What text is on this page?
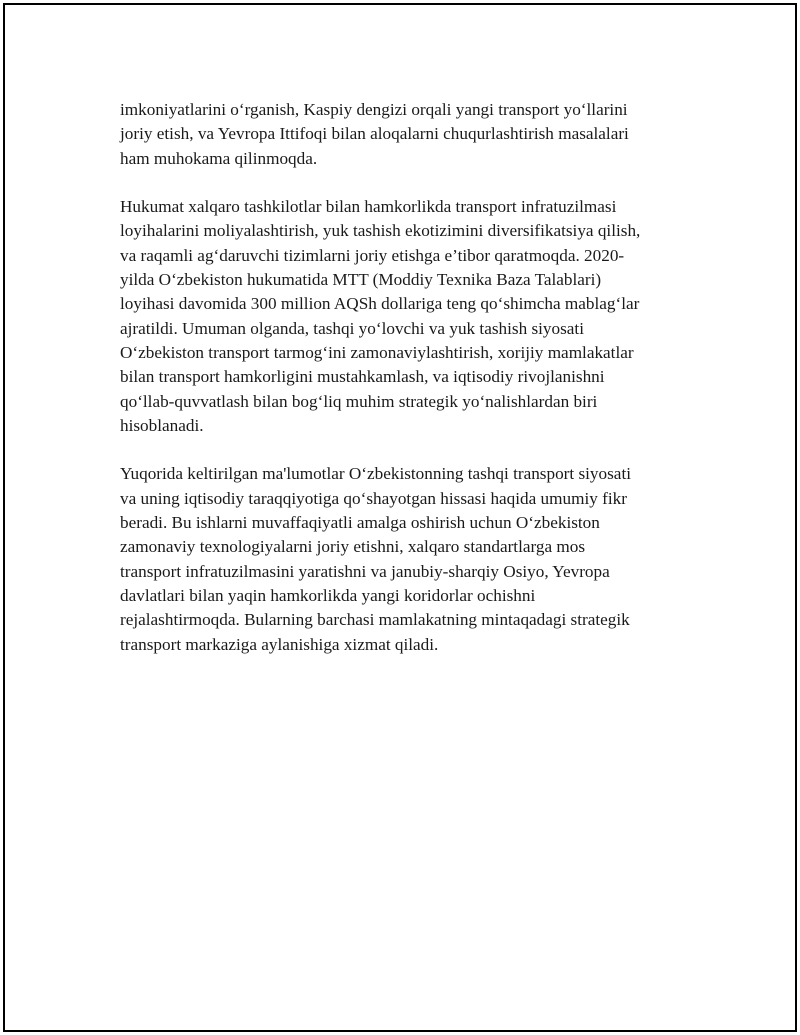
imkoniyatlarini o‘rganish, Kaspiy dengizi orqali yangi transport yo‘llarini
joriy etish, va Yevropa Ittifoqi bilan aloqalarni chuqurlashtirish masalalari
ham muhokama qilinmoqda.

Hukumat xalqaro tashkilotlar bilan hamkorlikda transport infratuzilmasi
loyihalarini moliyalashtirish, yuk tashish ekotizimini diversifikatsiya qilish,
va raqamli ag‘daruvchi tizimlarni joriy etishga e’tibor qaratmoqda. 2020-
yilda O‘zbekiston hukumatida MTT (Moddiy Texnika Baza Talablari)
loyihasi davomida 300 million AQSh dollariga teng qo‘shimcha mablag‘lar
ajratildi. Umuman olganda, tashqi yo‘lovchi va yuk tashish siyosati
O‘zbekiston transport tarmog‘ini zamonaviylashtirish, xorijiy mamlakatlar
bilan transport hamkorligini mustahkamlash, va iqtisodiy rivojlanishni
qo‘llab-quvvatlash bilan bog‘liq muhim strategik yo‘nalishlardan biri
hisoblanadi.

Yuqorida keltirilgan ma'lumotlar O‘zbekistonning tashqi transport siyosati
va uning iqtisodiy taraqqiyotiga qo‘shayotgan hissasi haqida umumiy fikr
beradi. Bu ishlarni muvaffaqiyatli amalga oshirish uchun O‘zbekiston
zamonaviy texnologiyalarni joriy etishni, xalqaro standartlarga mos
transport infratuzilmasini yaratishni va janubiy-sharqiy Osiyo, Yevropa
davlatlari bilan yaqin hamkorlikda yangi koridorlar ochishni
rejalashtirmoqda. Bularning barchasi mamlakatning mintaqadagi strategik
transport markaziga aylanishiga xizmat qiladi.
